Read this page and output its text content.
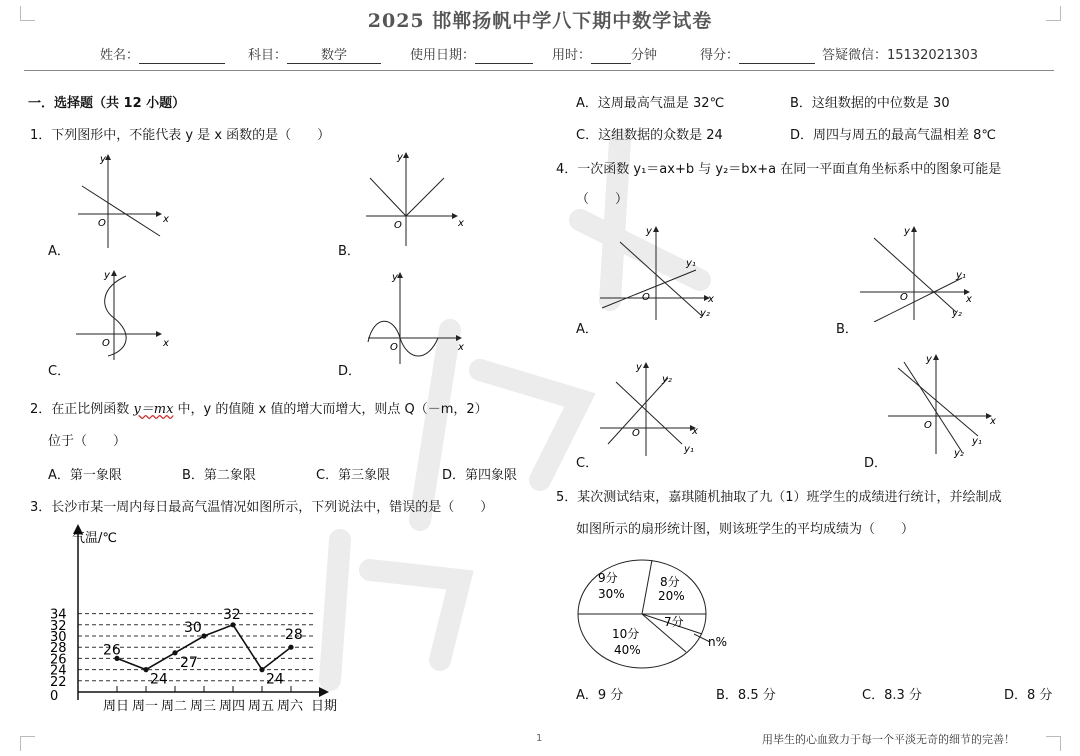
2025 邯郸扬帆中学八下期中数学试卷
姓名：	科目：	数学	使用日期：	用时：	分钟	得分：	答疑微信：15132021303
一．选择题（共 12 小题）
1．下列图形中，不能代表 y 是 x 函数的是（　　）
y
x
O
A．
y
x
O
B．
y
x
O
C．
y
x
O
D．
2．在正比例函数 y＝mx 中，y 的值随 x 值的增大而增大，则点 Q（－m，2）
位于（　　）
A．第一象限	B．第二象限	C．第三象限	D．第四象限
3．长沙市某一周内每日最高气温情况如图所示，下列说法中，错误的是（　　）
气温/℃
日期
0
22
24
26
28
30
32
34
周日 周一 周二 周三 周四 周五 周六
26
24
27
30
32
24
28
A．这周最高气温是 32℃	B．这组数据的中位数是 30
C．这组数据的众数是 24	D．周四与周五的最高气温相差 8℃
4．一次函数 y₁＝ax+b 与 y₂＝bx+a 在同一平面直角坐标系中的图象可能是
（　　）
y
x
O
y₁
y₂
A．
y
x
O
y₁
y₂
B．
y
x
O
y₂
y₁
C．
y
x
O
y₁
y₂
D．
5．某次测试结束，嘉琪随机抽取了九（1）班学生的成绩进行统计，并绘制成
如图所示的扇形统计图，则该班学生的平均成绩为（　　）
9分
30%
8分
20%
7分
n%
10分
40%
A．9 分	B．8.5 分	C．8.3 分	D．8 分
1	用毕生的心血致力于每一个平淡无奇的细节的完善！
